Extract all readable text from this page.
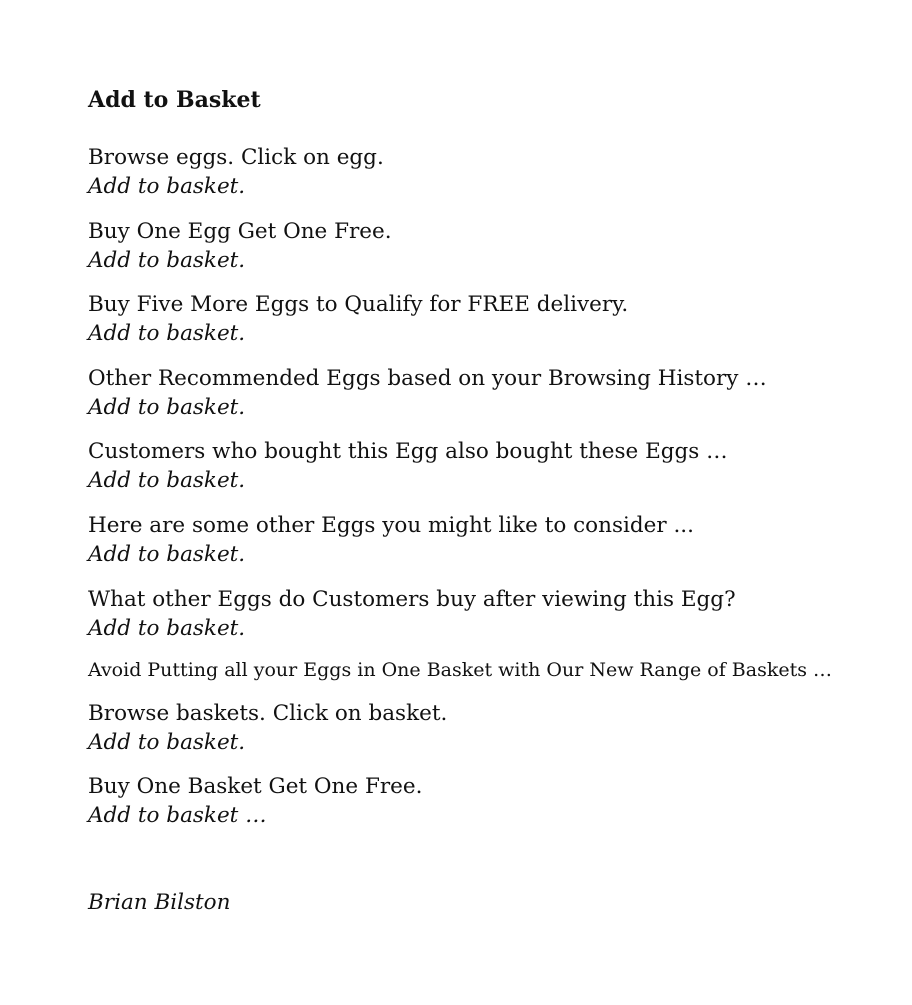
Add to Basket
Browse eggs. Click on egg.
Add to basket.
Buy One Egg Get One Free.
Add to basket.
Buy Five More Eggs to Qualify for FREE delivery.
Add to basket.
Other Recommended Eggs based on your Browsing History …
Add to basket.
Customers who bought this Egg also bought these Eggs …
Add to basket.
Here are some other Eggs you might like to consider ...
Add to basket.
What other Eggs do Customers buy after viewing this Egg?
Add to basket.
Avoid Putting all your Eggs in One Basket with Our New Range of Baskets …
Browse baskets. Click on basket.
Add to basket.
Buy One Basket Get One Free.
Add to basket …
Brian Bilston
